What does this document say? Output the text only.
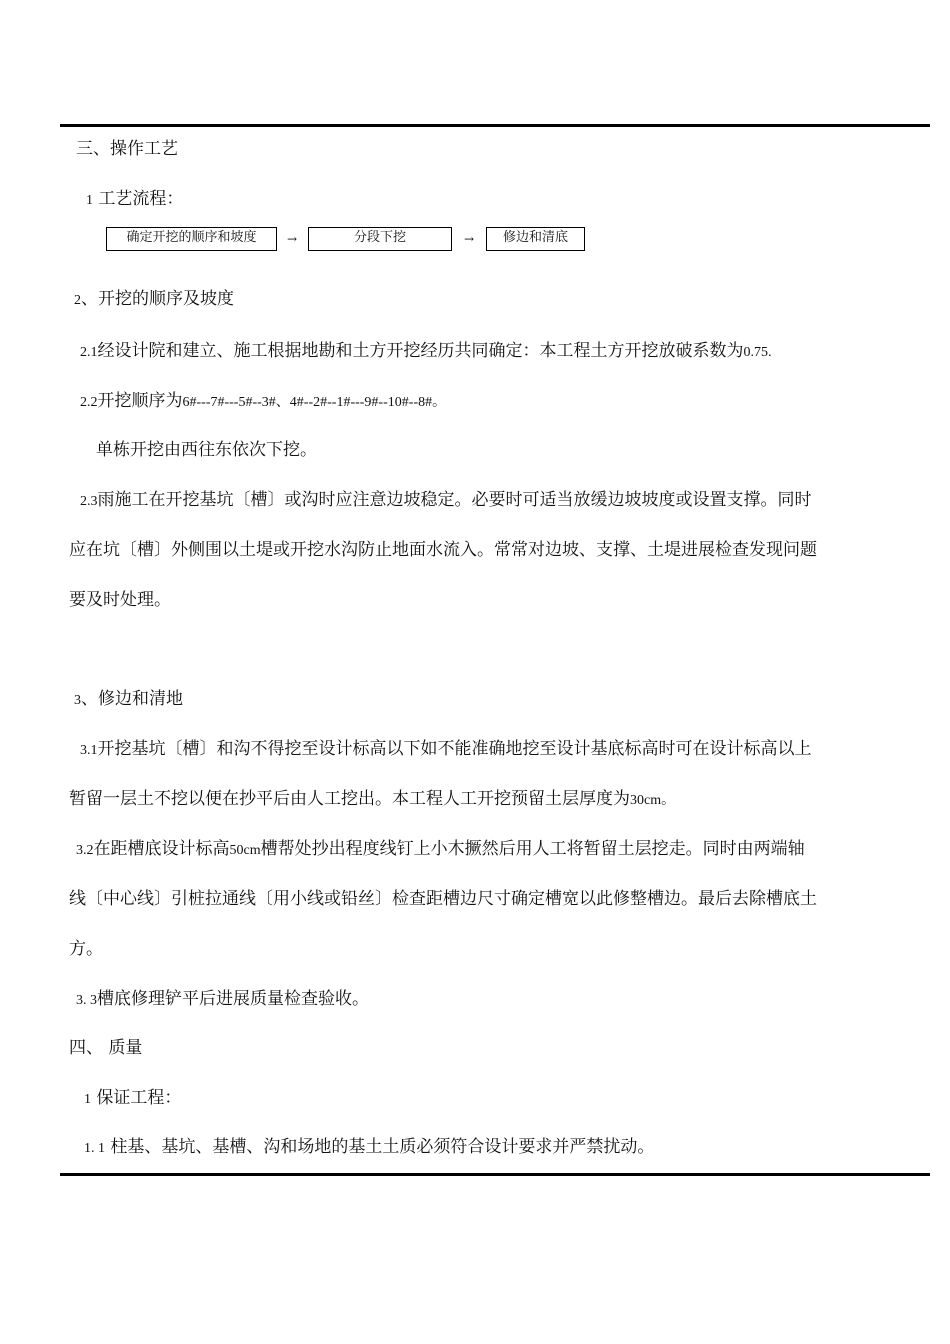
三、操作工艺
1 工艺流程：
确定开挖的顺序和坡度	→	分段下挖	→	修边和清底
2、开挖的顺序及坡度
2.1经设计院和建立、施工根据地勘和土方开挖经历共同确定：本工程土方开挖放破系数为0.75.
2.2开挖顺序为6#---7#---5#--3#、4#--2#--1#---9#--10#--8#。
单栋开挖由西往东依次下挖。
2.3雨施工在开挖基坑〔槽〕或沟时应注意边坡稳定。必要时可适当放缓边坡坡度或设置支撑。同时
应在坑〔槽〕外侧围以土堤或开挖水沟防止地面水流入。常常对边坡、支撑、土堤进展检查发现问题
要及时处理。
3、修边和清地
3.1开挖基坑〔槽〕和沟不得挖至设计标高以下如不能准确地挖至设计基底标高时可在设计标高以上
暂留一层土不挖以便在抄平后由人工挖出。本工程人工开挖预留土层厚度为30cm。
3.2在距槽底设计标高50cm槽帮处抄出程度线钉上小木撅然后用人工将暂留土层挖走。同时由两端轴
线〔中心线〕引桩拉通线〔用小线或铅丝〕检查距槽边尺寸确定槽宽以此修整槽边。最后去除槽底土
方。
3. 3槽底修理铲平后进展质量检查验收。
四、 质量
1 保证工程：
1. 1 柱基、基坑、基槽、沟和场地的基土土质必须符合设计要求并严禁扰动。
